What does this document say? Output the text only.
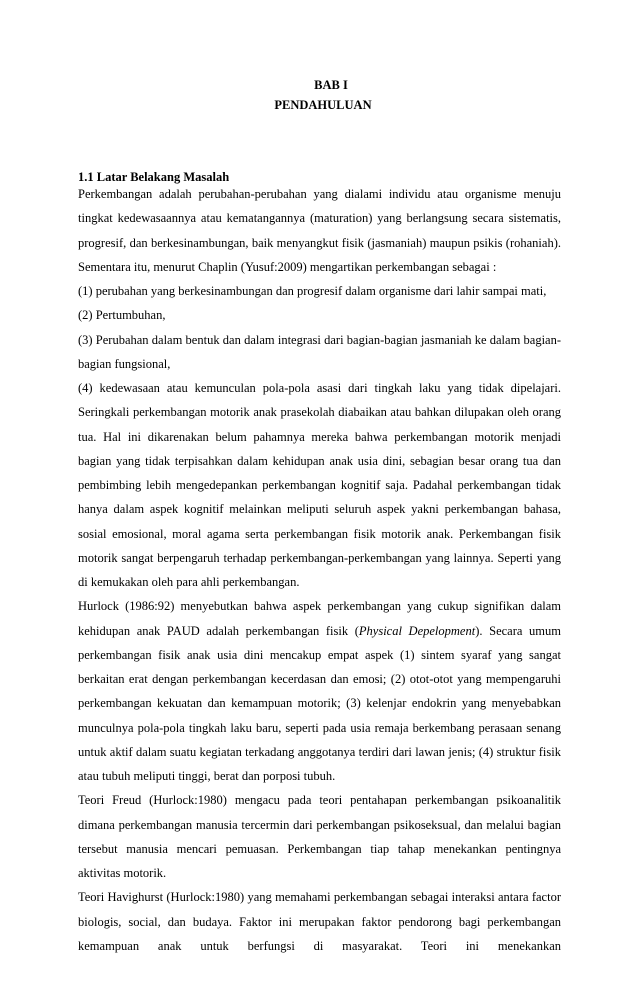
BAB I
PENDAHULUAN
1.1 Latar Belakang Masalah

Perkembangan adalah perubahan-perubahan yang dialami individu atau organisme menuju tingkat kedewasaannya atau kematangannya (maturation) yang berlangsung secara sistematis, progresif, dan berkesinambungan, baik menyangkut fisik (jasmaniah) maupun psikis (rohaniah). Sementara itu, menurut Chaplin (Yusuf:2009) mengartikan perkembangan sebagai :

(1) perubahan yang berkesinambungan dan progresif dalam organisme dari lahir sampai mati,

(2) Pertumbuhan,

(3) Perubahan dalam bentuk dan dalam integrasi dari bagian-bagian jasmaniah ke dalam bagian-bagian fungsional,

(4) kedewasaan atau kemunculan pola-pola asasi dari tingkah laku yang tidak dipelajari. Seringkali perkembangan motorik anak prasekolah diabaikan atau bahkan dilupakan oleh orang tua. Hal ini dikarenakan belum pahamnya mereka bahwa perkembangan motorik menjadi bagian yang tidak terpisahkan dalam kehidupan anak usia dini, sebagian besar orang tua dan pembimbing lebih mengedepankan perkembangan kognitif saja. Padahal perkembangan tidak hanya dalam aspek kognitif melainkan meliputi seluruh aspek yakni perkembangan bahasa, sosial emosional, moral agama serta perkembangan fisik motorik anak. Perkembangan fisik motorik sangat berpengaruh terhadap perkembangan-perkembangan yang lainnya. Seperti yang di kemukakan oleh para ahli perkembangan.

Hurlock (1986:92) menyebutkan bahwa aspek perkembangan yang cukup signifikan dalam kehidupan anak PAUD adalah perkembangan fisik (Physical Depelopment). Secara umum perkembangan fisik anak usia dini mencakup empat aspek (1) sintem syaraf yang sangat berkaitan erat dengan perkembangan kecerdasan dan emosi; (2) otot-otot yang mempengaruhi perkembangan kekuatan dan kemampuan motorik; (3) kelenjar endokrin yang menyebabkan munculnya pola-pola tingkah laku baru, seperti pada usia remaja berkembang perasaan senang untuk aktif dalam suatu kegiatan terkadang anggotanya terdiri dari lawan jenis; (4) struktur fisik atau tubuh meliputi tinggi, berat dan porposi tubuh.

Teori Freud (Hurlock:1980) mengacu pada teori pentahapan perkembangan psikoanalitik dimana perkembangan manusia tercermin dari perkembangan psikoseksual, dan melalui bagian tersebut manusia mencari pemuasan. Perkembangan tiap tahap menekankan pentingnya aktivitas motorik.

Teori Havighurst (Hurlock:1980) yang memahami perkembangan sebagai interaksi antara factor biologis, social, dan budaya. Faktor ini merupakan faktor pendorong bagi perkembangan kemampuan anak untuk berfungsi di masyarakat. Teori ini menekankan
